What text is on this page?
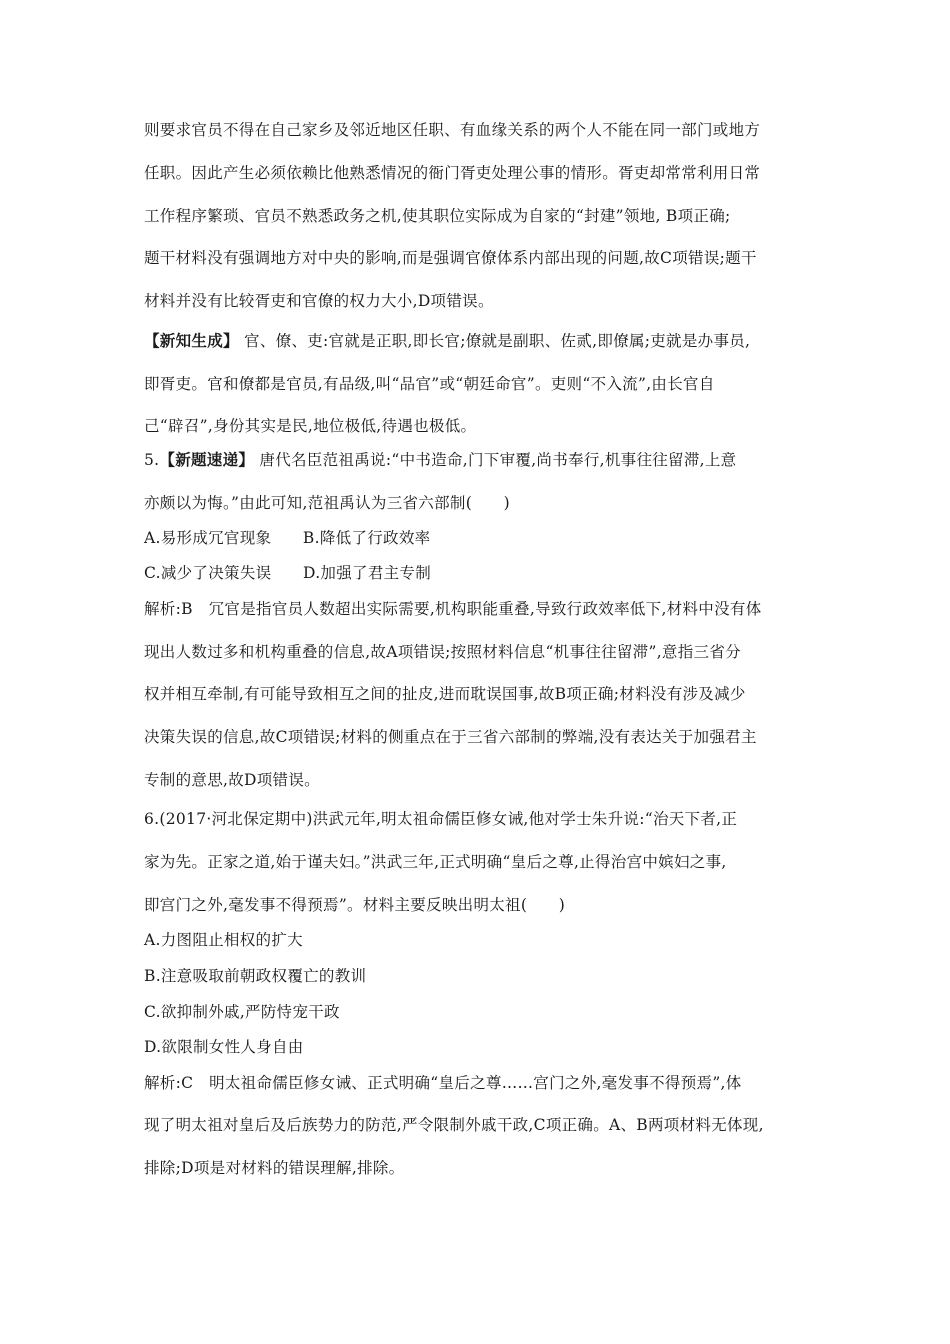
则要求官员不得在自己家乡及邻近地区任职、有血缘关系的两个人不能在同一部门或地方
任职。因此产生必须依赖比他熟悉情况的衙门胥吏处理公事的情形。胥吏却常常利用日常
工作程序繁琐、官员不熟悉政务之机,使其职位实际成为自家的“封建”领地, B项正确;
题干材料没有强调地方对中央的影响,而是强调官僚体系内部出现的问题,故C项错误;题干
材料并没有比较胥吏和官僚的权力大小,D项错误。
【新知生成】 官、僚、吏:官就是正职,即长官;僚就是副职、佐贰,即僚属;吏就是办事员,
即胥吏。官和僚都是官员,有品级,叫“品官”或“朝廷命官”。吏则“不入流”,由长官自
己“辟召”,身份其实是民,地位极低,待遇也极低。
5.【新题速递】 唐代名臣范祖禹说:“中书造命,门下审覆,尚书奉行,机事往往留滞,上意
亦颇以为悔。”由此可知,范祖禹认为三省六部制(　　)
A.易形成冗官现象　　B.降低了行政效率
C.减少了决策失误　　D.加强了君主专制
解析:B　冗官是指官员人数超出实际需要,机构职能重叠,导致行政效率低下,材料中没有体
现出人数过多和机构重叠的信息,故A项错误;按照材料信息“机事往往留滞”,意指三省分
权并相互牵制,有可能导致相互之间的扯皮,进而耽误国事,故B项正确;材料没有涉及减少
决策失误的信息,故C项错误;材料的侧重点在于三省六部制的弊端,没有表达关于加强君主
专制的意思,故D项错误。
6.(2017·河北保定期中)洪武元年,明太祖命儒臣修女诫,他对学士朱升说:“治天下者,正
家为先。正家之道,始于谨夫妇。”洪武三年,正式明确“皇后之尊,止得治宫中嫔妇之事,
即宫门之外,毫发事不得预焉”。材料主要反映出明太祖(　　)
A.力图阻止相权的扩大
B.注意吸取前朝政权覆亡的教训
C.欲抑制外戚,严防恃宠干政
D.欲限制女性人身自由
解析:C　明太祖命儒臣修女诫、正式明确“皇后之尊……宫门之外,毫发事不得预焉”,体
现了明太祖对皇后及后族势力的防范,严令限制外戚干政,C项正确。A、B两项材料无体现,
排除;D项是对材料的错误理解,排除。
